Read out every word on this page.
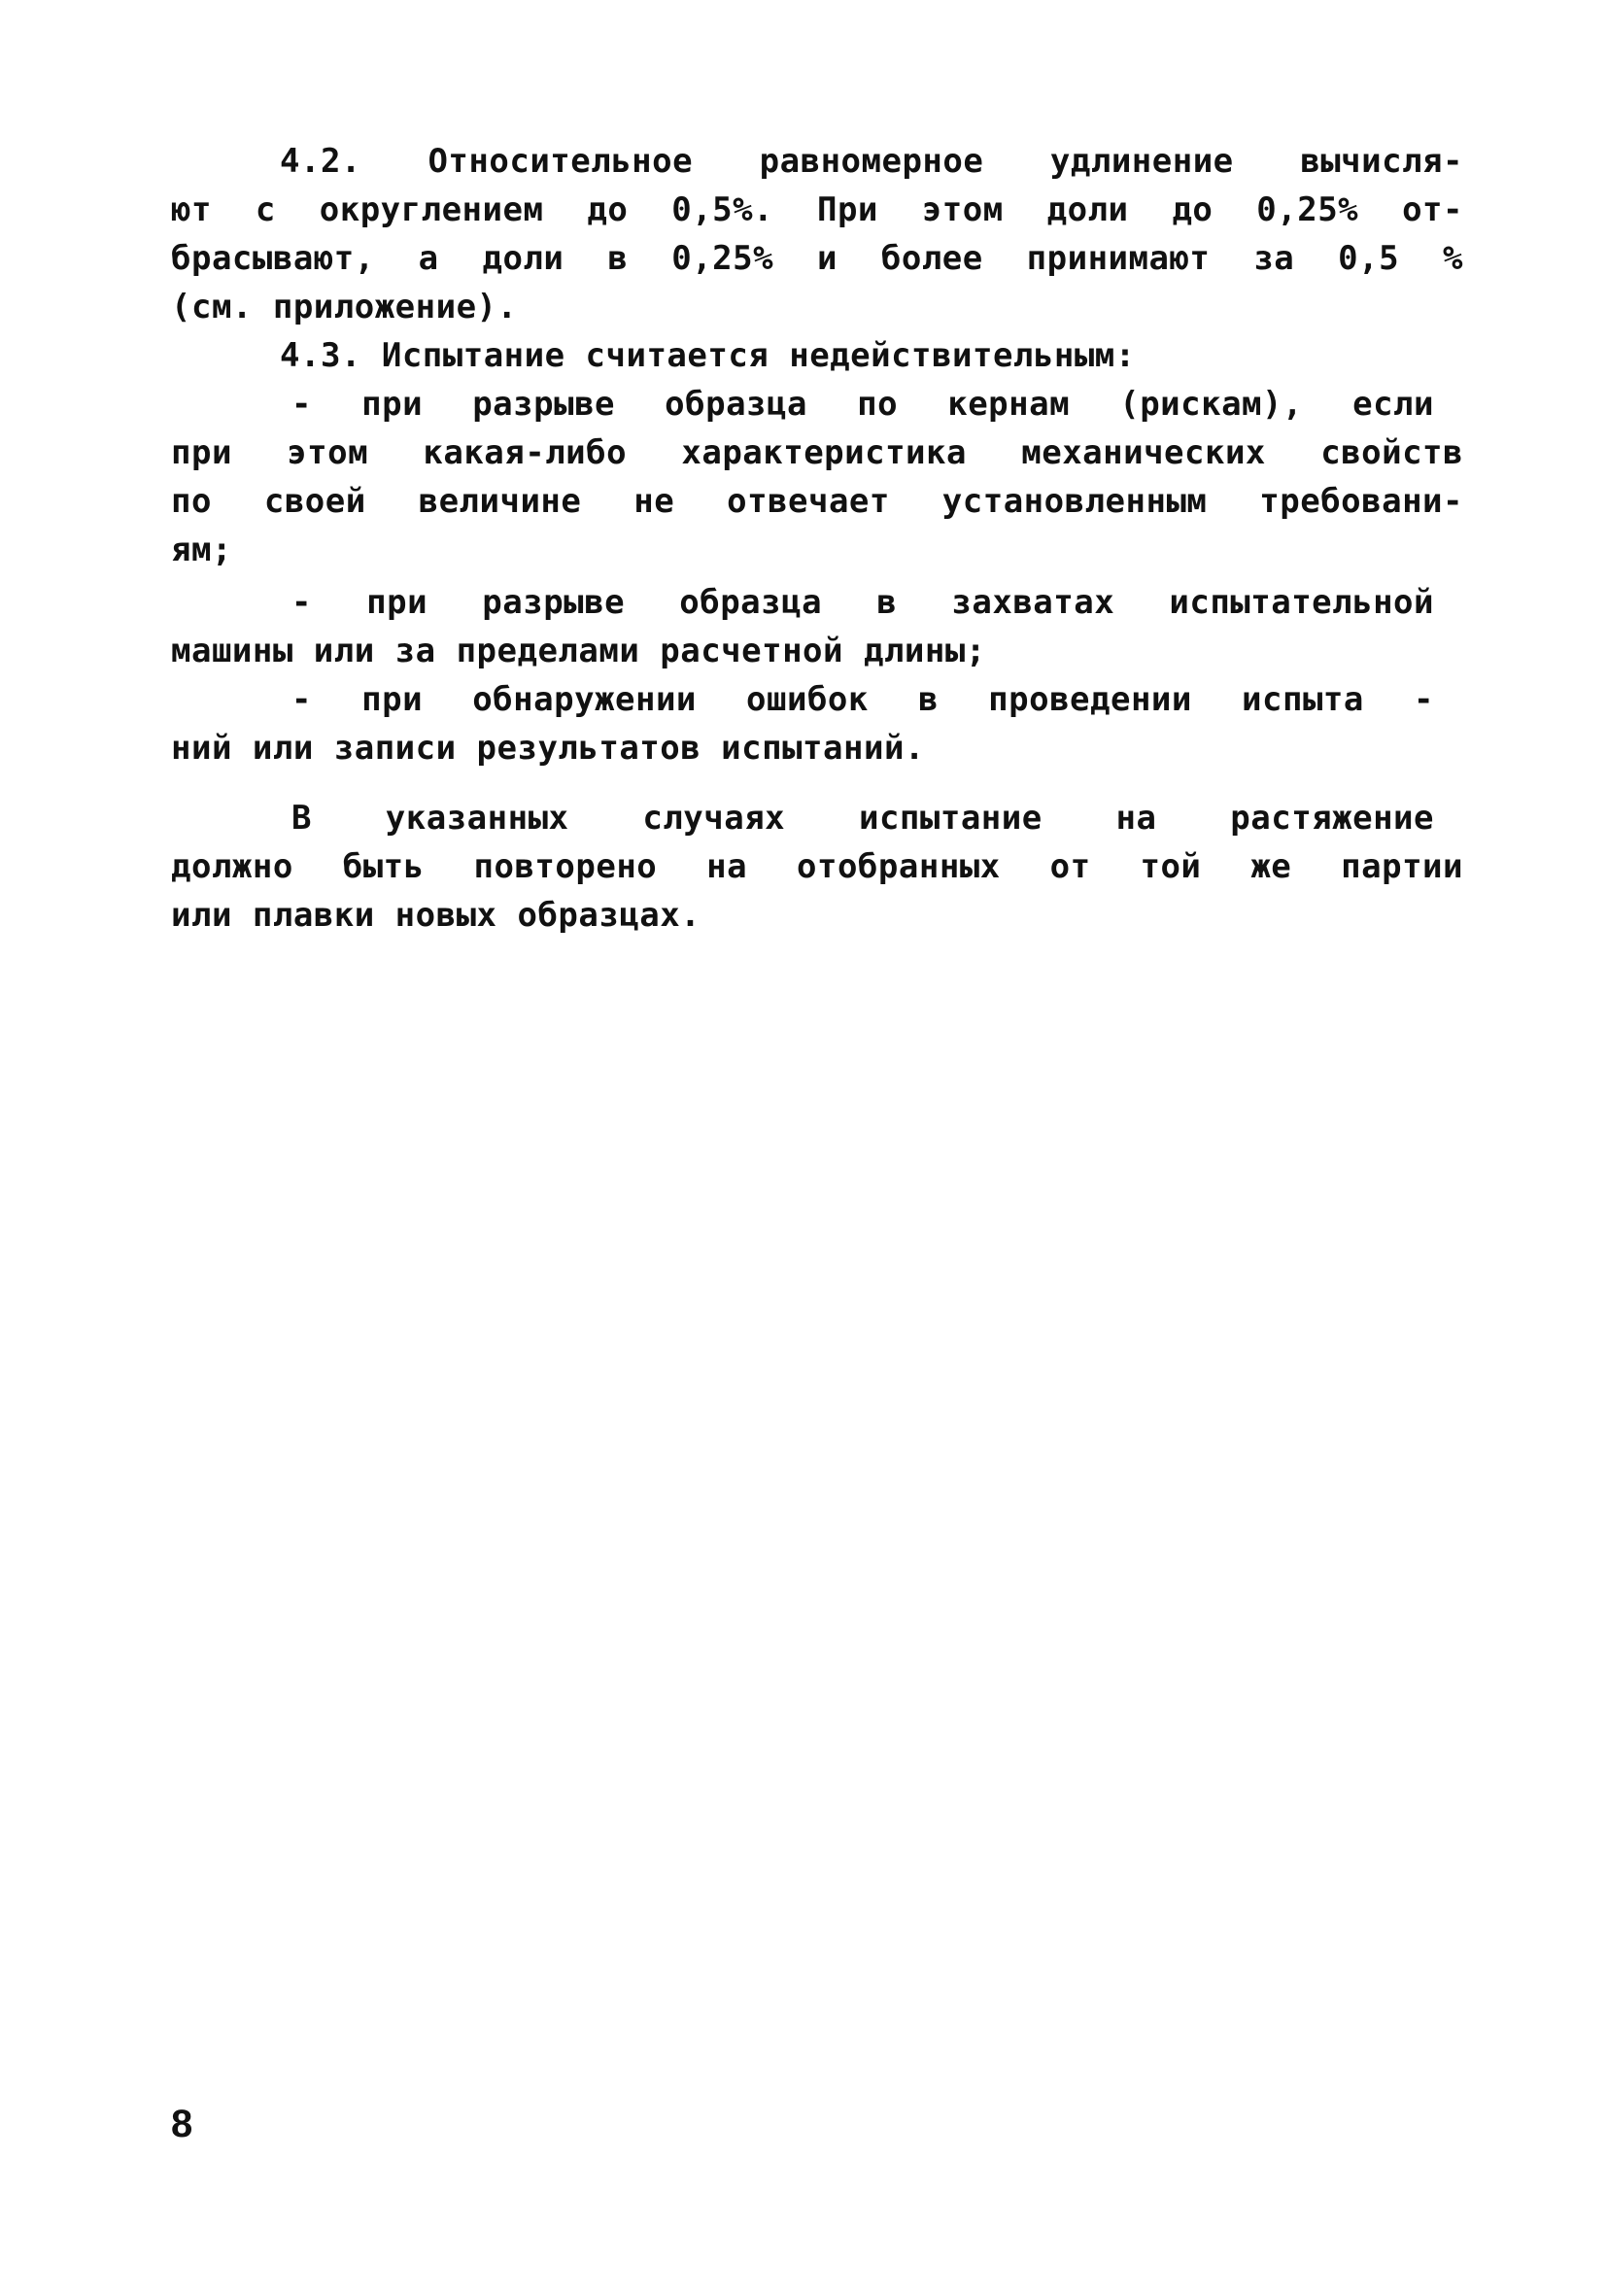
4.2. Относительное равномерное удлинение вычисля-
ют с округлением до 0,5%. При этом доли до 0,25% от-
брасывают, а доли в 0,25% и более принимают за 0,5 %
(см. приложение).
4.3. Испытание считается недействительным:
- при разрыве образца по кернам (рискам), если
при этом какая-либо характеристика механических свойств
по своей величине не отвечает установленным требовани-
ям;
- при разрыве образца в захватах испытательной
машины или за пределами расчетной длины;
- при обнаружении ошибок в проведении испыта -
ний или записи результатов испытаний.
В указанных случаях испытание на растяжение
должно быть повторено на отобранных от той же партии
или плавки новых образцах.
8
